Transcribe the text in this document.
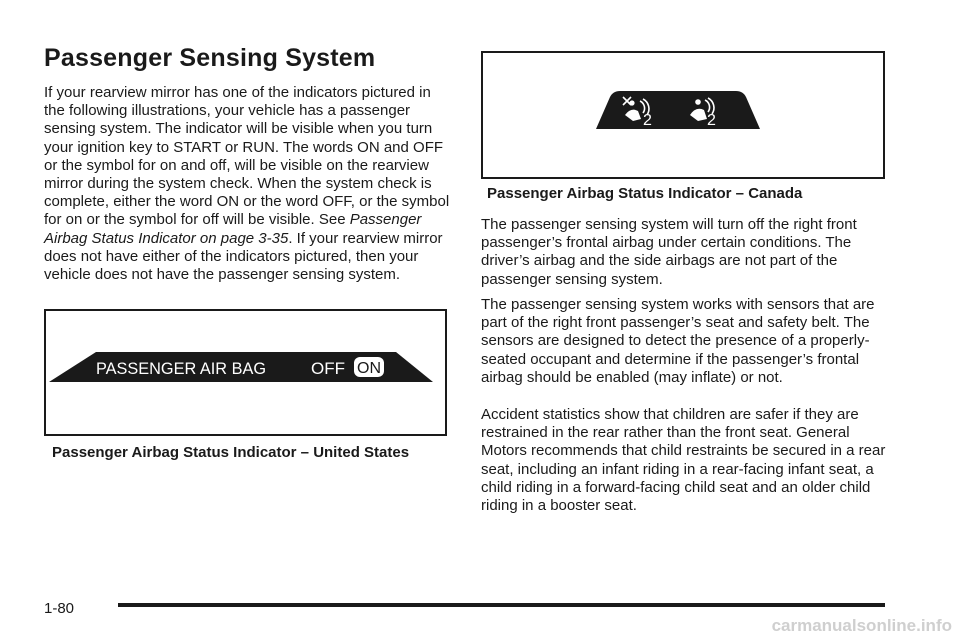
Passenger Sensing System

If your rearview mirror has one of the indicators pictured in the following illustrations, your vehicle has a passenger sensing system. The indicator will be visible when you turn your ignition key to START or RUN. The words ON and OFF or the symbol for on and off, will be visible on the rearview mirror during the system check. When the system check is complete, either the word ON or the word OFF, or the symbol for on or the symbol for off will be visible. See Passenger Airbag Status Indicator on page 3-35. If your rearview mirror does not have either of the indicators pictured, then your vehicle does not have the passenger sensing system.

PASSENGER AIR BAG	OFF ON

Passenger Airbag Status Indicator – United States

2	2

Passenger Airbag Status Indicator – Canada

The passenger sensing system will turn off the right front passenger’s frontal airbag under certain conditions. The driver’s airbag and the side airbags are not part of the passenger sensing system.

The passenger sensing system works with sensors that are part of the right front passenger’s seat and safety belt. The sensors are designed to detect the presence of a properly-seated occupant and determine if the passenger’s frontal airbag should be enabled (may inflate) or not.

Accident statistics show that children are safer if they are restrained in the rear rather than the front seat. General Motors recommends that child restraints be secured in a rear seat, including an infant riding in a rear-facing infant seat, a child riding in a forward-facing child seat and an older child riding in a booster seat.

1-80

carmanualsonline.info
